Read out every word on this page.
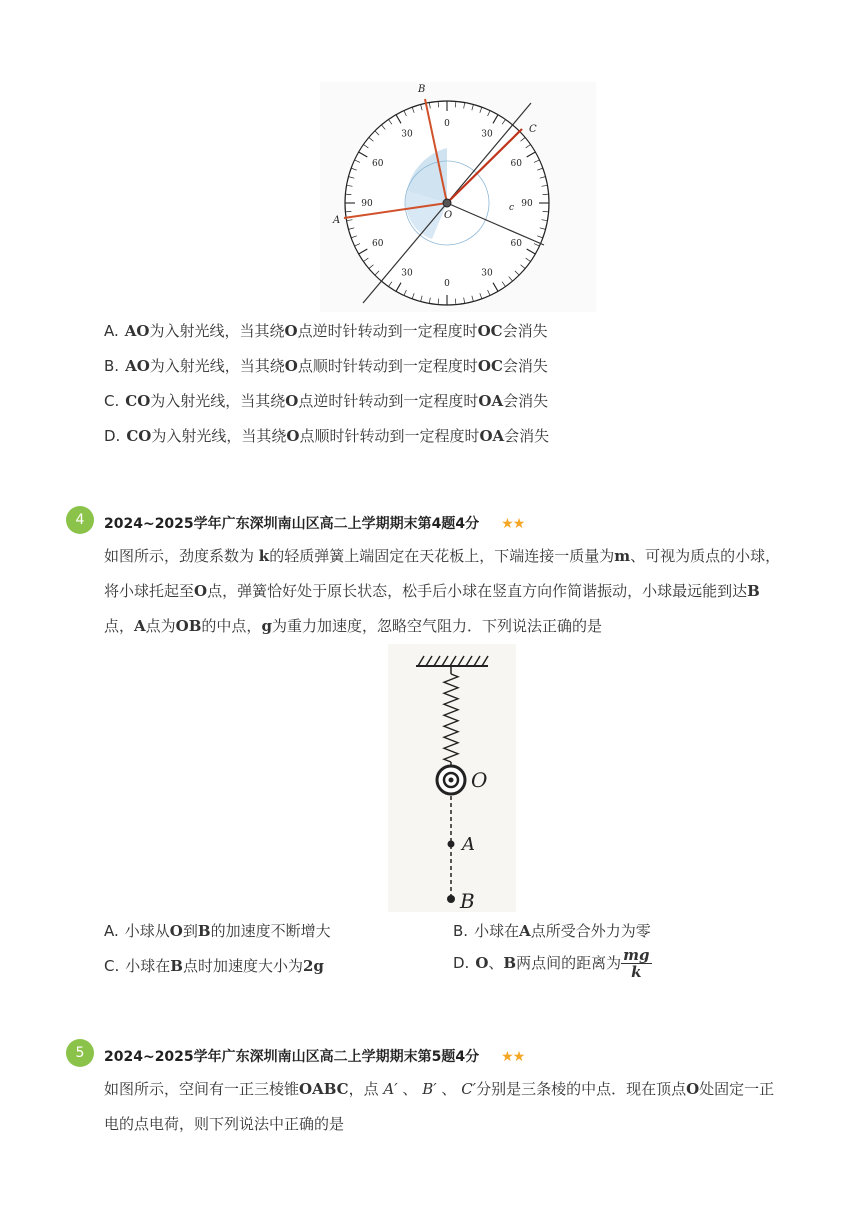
O
A
B
C
c
30
60
90
60
30
0
30
60
90
60
30
0
A. AO为入射光线，当其绕O点逆时针转动到一定程度时OC会消失
B. AO为入射光线，当其绕O点顺时针转动到一定程度时OC会消失
C. CO为入射光线，当其绕O点逆时针转动到一定程度时OA会消失
D. CO为入射光线，当其绕O点顺时针转动到一定程度时OA会消失
4	2024~2025学年广东深圳南山区高二上学期期末第4题4分 ★★
如图所示，劲度系数为 k的轻质弹簧上端固定在天花板上，下端连接一质量为m、可视为质点的小球，
将小球托起至O点，弹簧恰好处于原长状态，松手后小球在竖直方向作简谐振动，小球最远能到达B
点，A点为OB的中点，g为重力加速度，忽略空气阻力．下列说法正确的是
O
A
B
A. 小球从O到B的加速度不断增大	B. 小球在A点所受合外力为零
C. 小球在B点时加速度大小为2g	D. O、B两点间的距离为 $\frac{mg}{k}$
5	2024~2025学年广东深圳南山区高二上学期期末第5题4分 ★★
如图所示，空间有一正三棱锥OABC，点 A′ 、 B′ 、 C′分别是三条棱的中点．现在顶点O处固定一正
电的点电荷，则下列说法中正确的是
